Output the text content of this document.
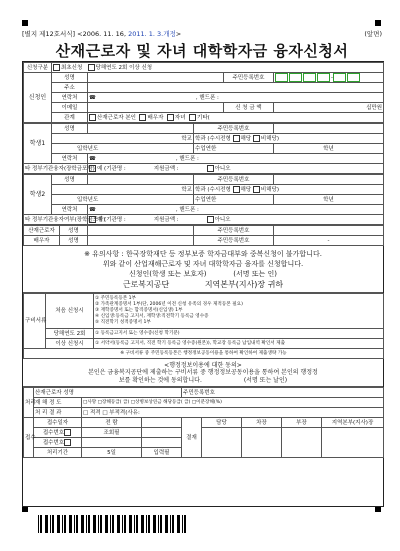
[별지 제12호서식] <2006. 11. 16, 2011. 1. 3.개정>	(앞면)
산재근로자 및 자녀 대학학자금 융자신청서
신청구분	최초신청 당해연도 2회 이상 신청			
신청인	성명		주민등록번호	-
	주소			
	연락처	☎ , 핸드폰 :		
	이메일		신 청 금 액	십만원
	관계	산재근로자 본인 배우자 자녀 기타(		
학생1	성명		주민등록번호	
	학교		학과 (수시전형 해당 비해당)	
	입학년도		수업연한	학년
	연락처	☎ , 핸드폰 :		
타 정부기관융자(장학금포함)		예 (기관명 : 지원금액 : 아니오		
학생2	성명		주민등록번호	
	학교		학과 (수시전형 해당 비해당)	
	입학년도		수업연한	학년
	연락처	☎ , 핸드폰 :		
타 정부기관융자여부(장학금포함)		예 (기관명 : 지원금액 : 아니오		
산재근로자	성명		주민등록번호	
배우자	성명		주민등록번호	-
※ 유의사항 : 한국장학재단 등 정부보증 학자금대부와 중복신청이 불가합니다.
위와 같이 산업재해근로자 및 자녀 대학학자금 융자를 신청합니다.
신청인(학생 또는 보호자)	(서명 또는 인)
근로복지공단	지역본부(지사)장 귀하
구비서류	처음 신청시	① 주민등록등본 1부
② 가족관계증명서 1부(단, 2006년 이전 신청 유족의 경우 제적등본 필요)
③ 재학증명서 또는 합격증명서(신입생) 1부
④ 신입생:등록금 고지서, 재학생:직전학기 등록금 영수증
⑤ 직전학기 성적증명서 1부

	당해연도 2회	① 등록금고지서 또는 영수증(신청 학기분)
	이상 신청시	① 서약서(등록금 고지서, 직전 학기 등록금 영수증(원본)), 학교장 등록금 납입내역 확인서 제출
※ 구비서류 중 주민등록등본은 행정정보공동이용을 통하여 확인하여 제출생략 가능		
<행정정보이용에 대한 동의>
본인은 금융복지공단에 제출하는 구비서류 중 행정정보공동이용을 통하여 본인의 행정정
보를 확인하는 것에 동의합니다.	(서명 또는 날인)
처리	산재근로자 성명			주민등록번호				
	재 해 정 도	□사망 □장해등급( 급) □상병보상연금 해당등급( 급) □이분장해(%)						
	처 리 결 과	□ 적격 □ 부적격(사유:						
접수	접수일자	전 람		결재	담당	차장	부장	지역본부(지사)장
	접수번호	조회필						
	접수번호							
	처리기간	5일	입력필					
